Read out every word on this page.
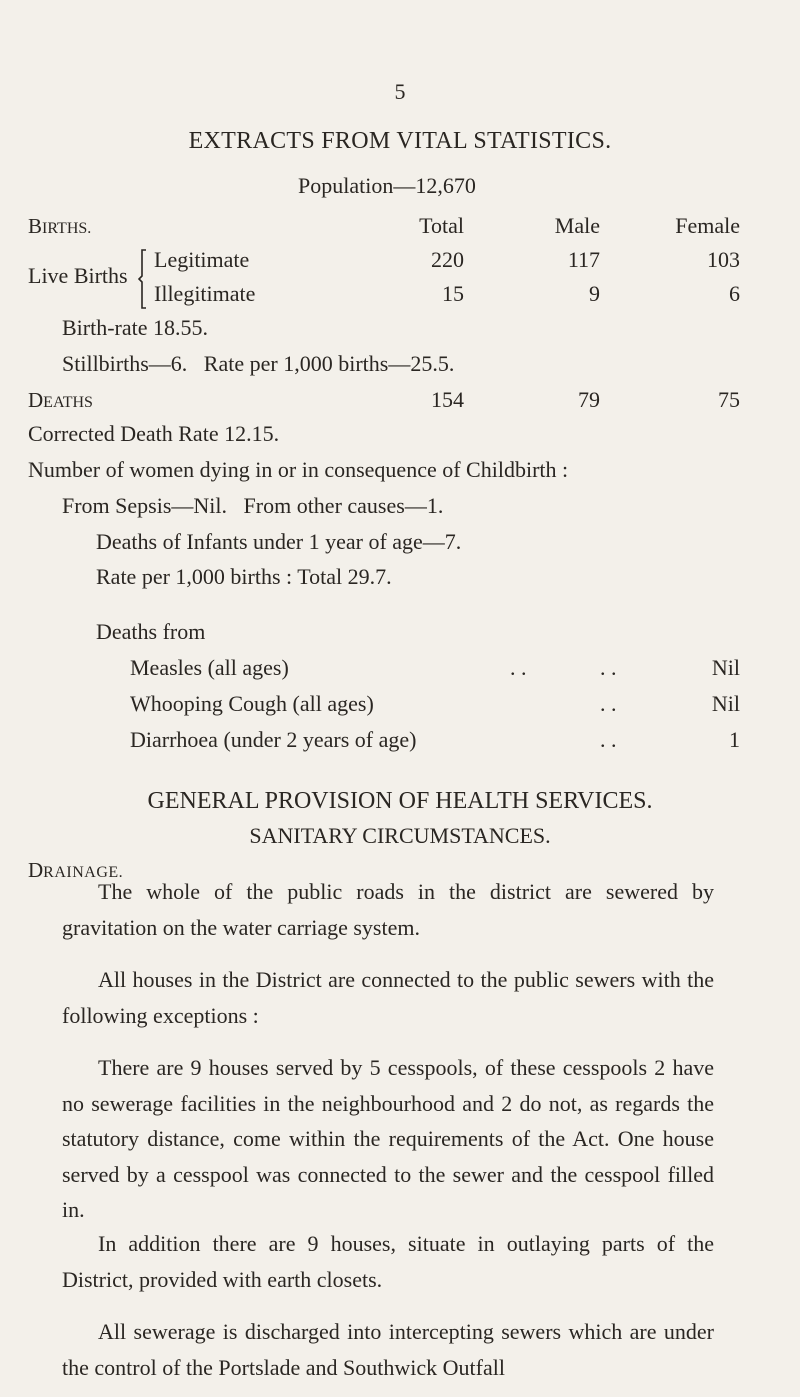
5
EXTRACTS FROM VITAL STATISTICS.
Population—12,670
BIRTHS.	Total	Male	Female
Live Births
Legitimate	220	117	103
Illegitimate	15	9	6
Birth-rate 18.55.
Stillbirths—6.   Rate per 1,000 births—25.5.
DEATHS	154	79	75
Corrected Death Rate 12.15.
Number of women dying in or in consequence of Childbirth :
From Sepsis—Nil.   From other causes—1.
Deaths of Infants under 1 year of age—7.
Rate per 1,000 births : Total 29.7.
Deaths from
Measles (all ages)	. .	. .	Nil
Whooping Cough (all ages)	. .	Nil
Diarrhoea (under 2 years of age)	. .	1
GENERAL PROVISION OF HEALTH SERVICES.
SANITARY CIRCUMSTANCES.
DRAINAGE.

The whole of the public roads in the district are sewered by gravitation on the water carriage system.

All houses in the District are connected to the public sewers with the following exceptions :

There are 9 houses served by 5 cesspools, of these cesspools 2 have no sewerage facilities in the neighbourhood and 2 do not, as regards the statutory distance, come within the requirements of the Act. One house served by a cesspool was connected to the sewer and the cesspool filled in.

In addition there are 9 houses, situate in outlaying parts of the District, provided with earth closets.

All sewerage is discharged into intercepting sewers which are under the control of the Portslade and Southwick Outfall
